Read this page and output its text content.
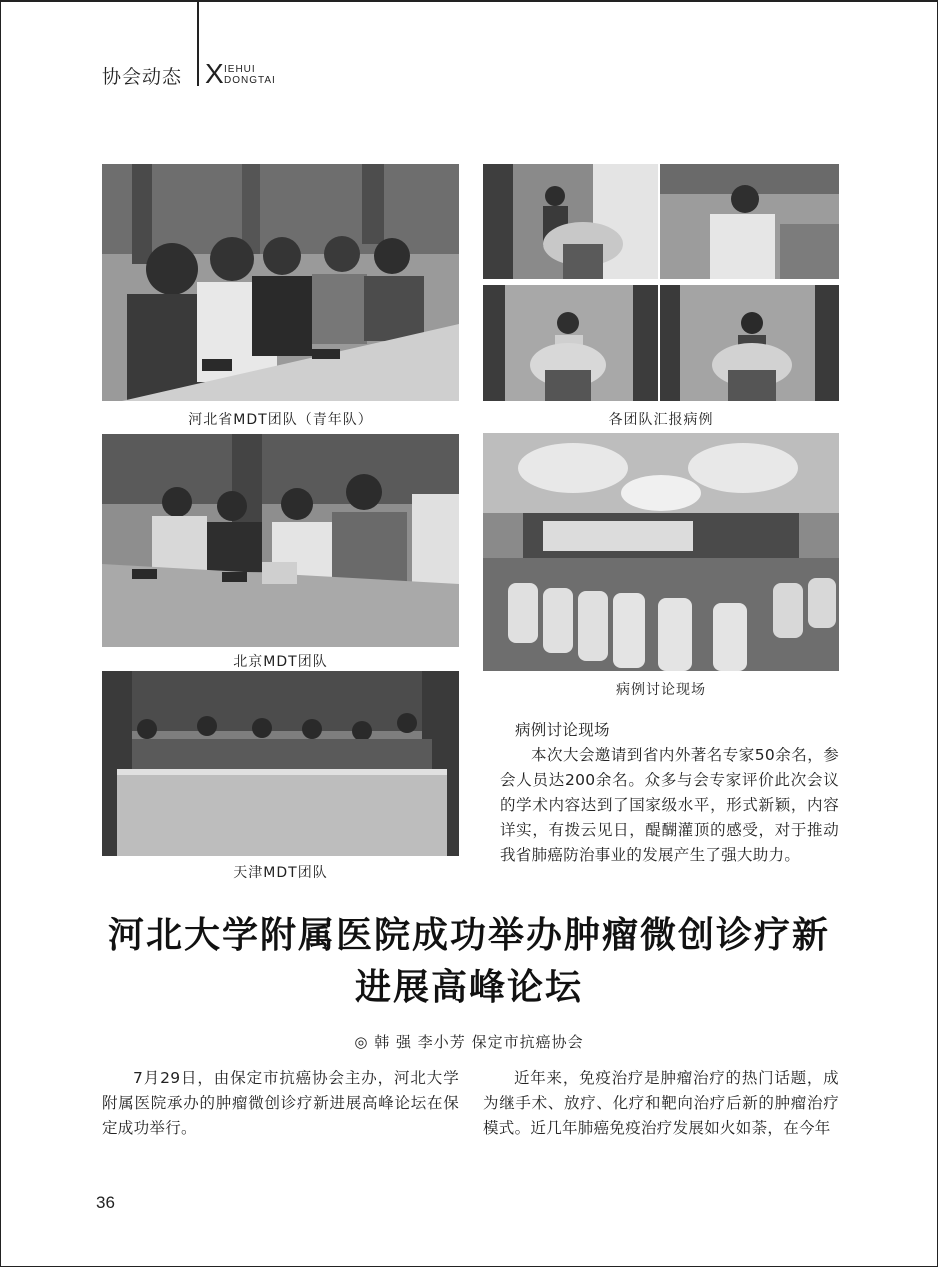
协会动态 X IEHUI
DONGTAI
河北省MDT团队（青年队）	各团队汇报病例
北京MDT团队
病例讨论现场
天津MDT团队

病例讨论现场

本次大会邀请到省内外著名专家50余名，参会人员达200余名。众多与会专家评价此次会议的学术内容达到了国家级水平，形式新颖，内容详实，有拨云见日，醍醐灌顶的感受，对于推动我省肺癌防治事业的发展产生了强大助力。

河北大学附属医院成功举办肿瘤微创诊疗新
进展高峰论坛
◎ 韩 强 李小芳 保定市抗癌协会
7月29日，由保定市抗癌协会主办，河北大学附属医院承办的肿瘤微创诊疗新进展高峰论坛在保定成功举行。
近年来，免疫治疗是肿瘤治疗的热门话题，成为继手术、放疗、化疗和靶向治疗后新的肿瘤治疗模式。近几年肺癌免疫治疗发展如火如荼，在今年
36
